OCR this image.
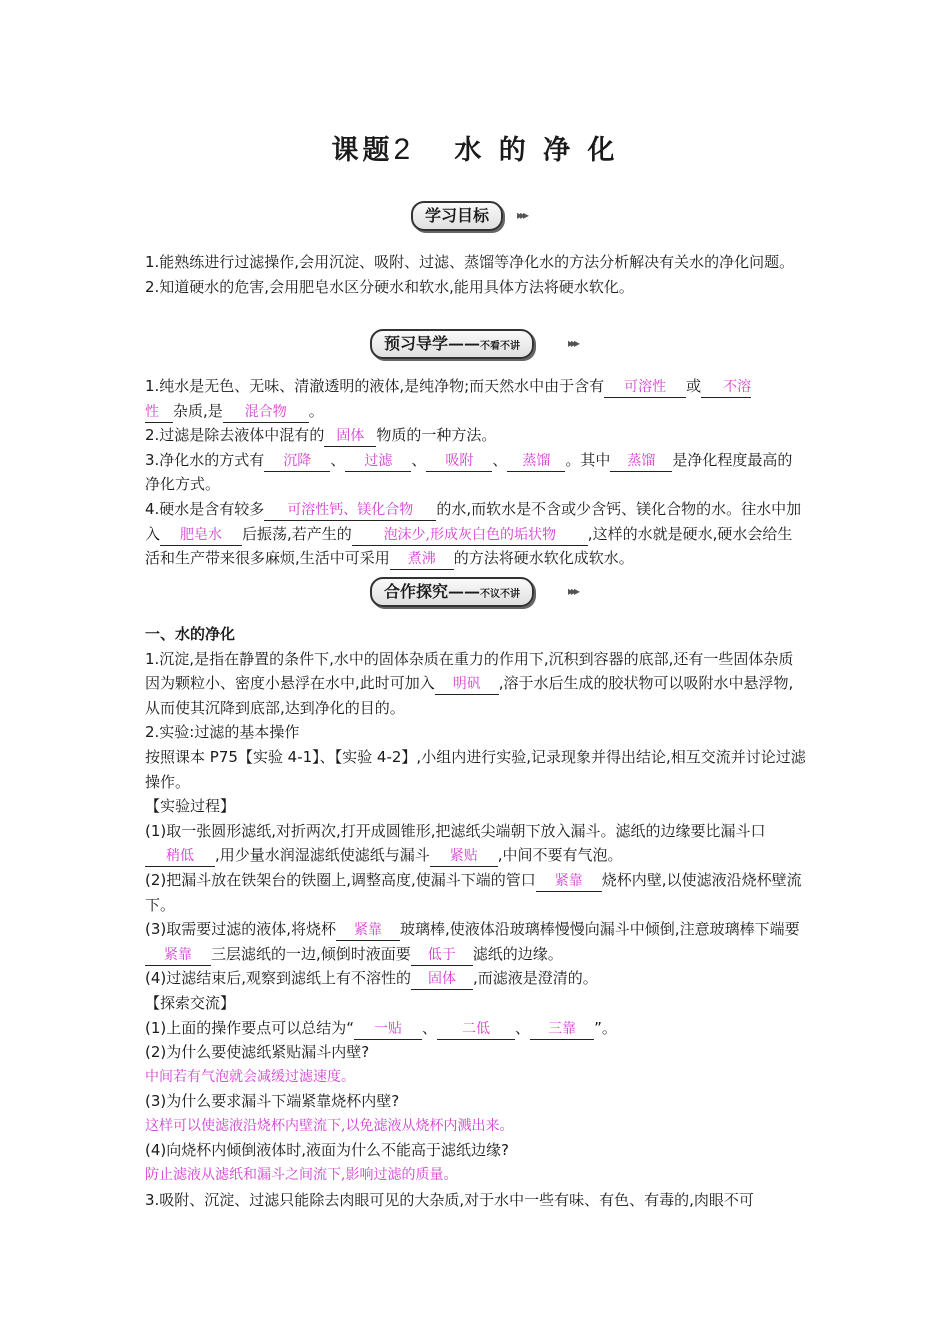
课题2 水 的 净 化
学习目标	▸▸▸

1.能熟练进行过滤操作,会用沉淀、吸附、过滤、蒸馏等净化水的方法分析解决有关水的净化问题。

2.知道硬水的危害,会用肥皂水区分硬水和软水,能用具体方法将硬水软化。

预习导学——不看不讲	▸▸▸

1.纯水是无色、无味、清澈透明的液体,是纯净物;而天然水中由于含有 可溶性 或 不溶
性 杂质,是 混合物 。

2.过滤是除去液体中混有的 固体 物质的一种方法。

3.净化水的方式有 沉降 、 过滤 、 吸附 、 蒸馏 。其中 蒸馏 是净化程度最高的净化方式。

4.硬水是含有较多 可溶性钙、镁化合物 的水,而软水是不含或少含钙、镁化合物的水。往水中加入 肥皂水 后振荡,若产生的 泡沫少,形成灰白色的垢状物 ,这样的水就是硬水,硬水会给生活和生产带来很多麻烦,生活中可采用 煮沸 的方法将硬水软化成软水。

合作探究——不议不讲	▸▸▸

一、水的净化

1.沉淀,是指在静置的条件下,水中的固体杂质在重力的作用下,沉积到容器的底部,还有一些固体杂质因为颗粒小、密度小悬浮在水中,此时可加入 明矾 ,溶于水后生成的胶状物可以吸附水中悬浮物,从而使其沉降到底部,达到净化的目的。

2.实验:过滤的基本操作

按照课本 P75【实验 4-1】、【实验 4-2】,小组内进行实验,记录现象并得出结论,相互交流并讨论过滤操作。

【实验过程】

(1)取一张圆形滤纸,对折两次,打开成圆锥形,把滤纸尖端朝下放入漏斗。滤纸的边缘要比漏斗口稍低 ,用少量水润湿滤纸使滤纸与漏斗 紧贴 ,中间不要有气泡。

(2)把漏斗放在铁架台的铁圈上,调整高度,使漏斗下端的管口 紧靠 烧杯内壁,以使滤液沿烧杯壁流下。

(3)取需要过滤的液体,将烧杯 紧靠 玻璃棒,使液体沿玻璃棒慢慢向漏斗中倾倒,注意玻璃棒下端要紧靠 三层滤纸的一边,倾倒时液面要 低于 滤纸的边缘。

(4)过滤结束后,观察到滤纸上有不溶性的 固体 ,而滤液是澄清的。

【探索交流】

(1)上面的操作要点可以总结为“ 一贴 、 二低 、 三靠 ”。

(2)为什么要使滤纸紧贴漏斗内壁?

中间若有气泡就会减缓过滤速度。

(3)为什么要求漏斗下端紧靠烧杯内壁?

这样可以使滤液沿烧杯内壁流下,以免滤液从烧杯内溅出来。

(4)向烧杯内倾倒液体时,液面为什么不能高于滤纸边缘?

防止滤液从滤纸和漏斗之间流下,影响过滤的质量。

3.吸附、沉淀、过滤只能除去肉眼可见的大杂质,对于水中一些有味、有色、有毒的,肉眼不可
